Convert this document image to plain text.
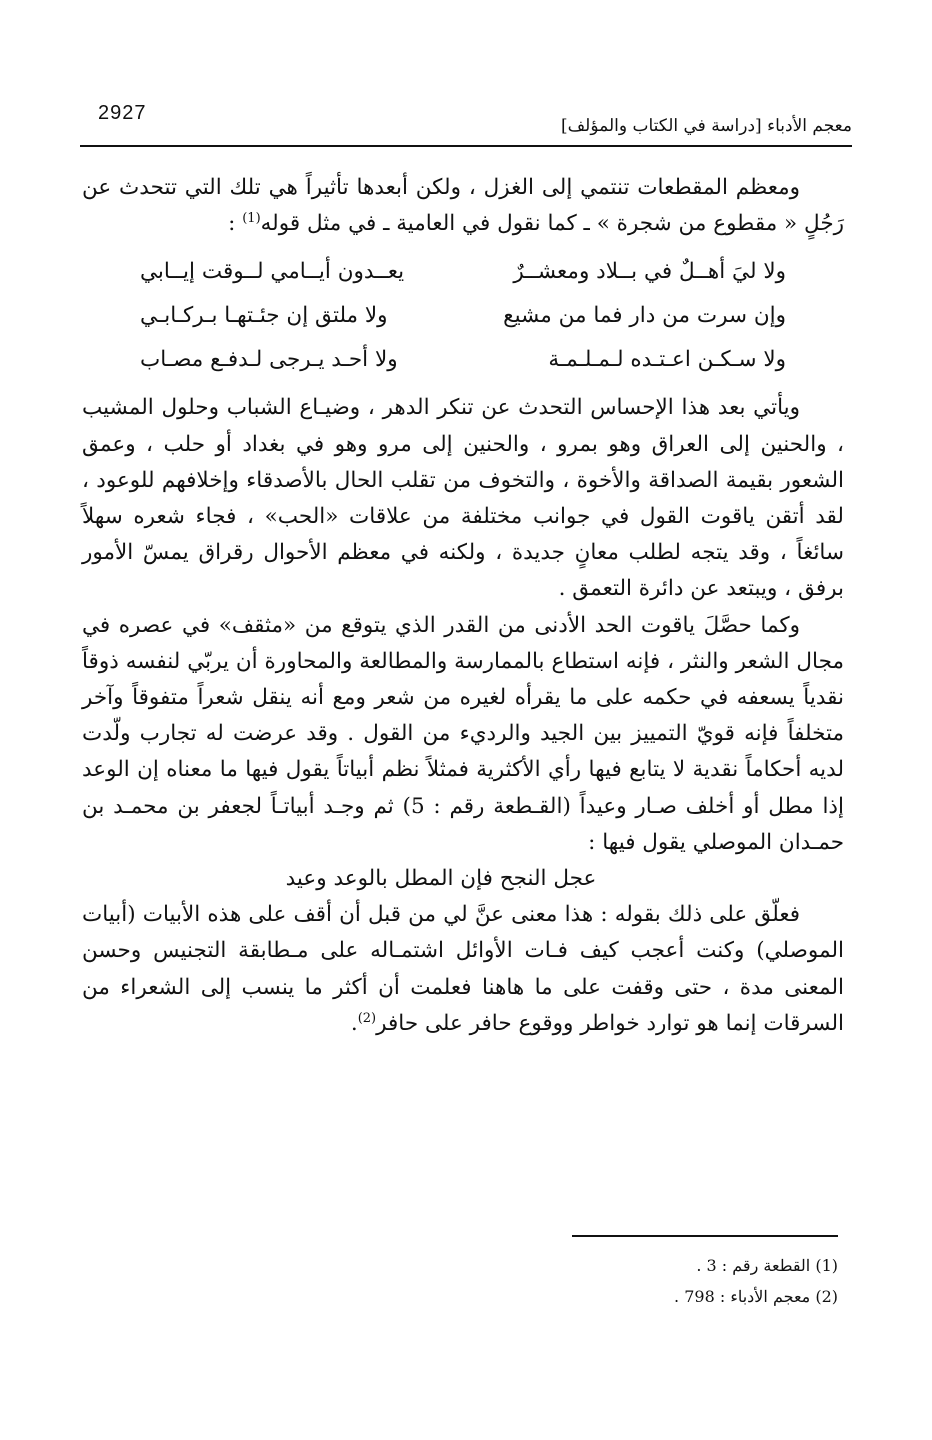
2927
معجم الأدباء [دراسة في الكتاب والمؤلف]

ومعظم المقطعات تنتمي إلى الغزل ، ولكن أبعدها تأثيراً هي تلك التي تتحدث عن رَجُلٍ « مقطوع من شجرة » ـ كما نقول في العامية ـ في مثل قوله$^{(1)}$ :

ولا ليَ أهــلٌ في بــلاد ومعشــرٌ
يعــدون أيــامي لــوقت إيــابي
وإن سرت من دار فما من مشيع
ولا ملتق إن جئـتهـا بـركـابـي
ولا سـكـن اعـتـده لـمـلـمـة
ولا أحـد يـرجى لـدفـع مصـاب

ويأتي بعد هذا الإحساس التحدث عن تنكر الدهر ، وضيـاع الشباب وحلول المشيب ، والحنين إلى العراق وهو بمرو ، والحنين إلى مرو وهو في بغداد أو حلب ، وعمق الشعور بقيمة الصداقة والأخوة ، والتخوف من تقلب الحال بالأصدقاء وإخلافهم للوعود ، لقد أتقن ياقوت القول في جوانب مختلفة من علاقات «الحب» ، فجاء شعره سهلاً سائغاً ، وقد يتجه لطلب معانٍ جديدة ، ولكنه في معظم الأحوال رقراق يمسّ الأمور برفق ، ويبتعد عن دائرة التعمق .

وكما حصَّلَ ياقوت الحد الأدنى من القدر الذي يتوقع من «مثقف» في عصره في مجال الشعر والنثر ، فإنه استطاع بالممارسة والمطالعة والمحاورة أن يربّي لنفسه ذوقاً نقدياً يسعفه في حكمه على ما يقرأه لغيره من شعر ومع أنه ينقل شعراً متفوقاً وآخر متخلفاً فإنه قويّ التمييز بين الجيد والرديء من القول . وقد عرضت له تجارب ولّدت لديه أحكاماً نقدية لا يتابع فيها رأي الأكثرية فمثلاً نظم أبياتاً يقول فيها ما معناه إن الوعد إذا مطل أو أخلف صـار وعيداً (القـطعة رقم : 5) ثم وجـد أبياتـاً لجعفر بن محمـد بن حمـدان الموصلي يقول فيها :

عجل النجح فإن المطل بالوعد وعيد

فعلّق على ذلك بقوله : هذا معنى عنَّ لي من قبل أن أقف على هذه الأبيات (أبيات الموصلي) وكنت أعجب كيف فـات الأوائل اشتمـاله على مـطابقة التجنيس وحسن المعنى مدة ، حتى وقفت على ما هاهنا فعلمت أن أكثر ما ينسب إلى الشعراء من السرقات إنما هو توارد خواطر ووقوع حافر على حافر$^{(2)}$.

(1) القطعة رقم : 3 .
(2) معجم الأدباء : 798 .
